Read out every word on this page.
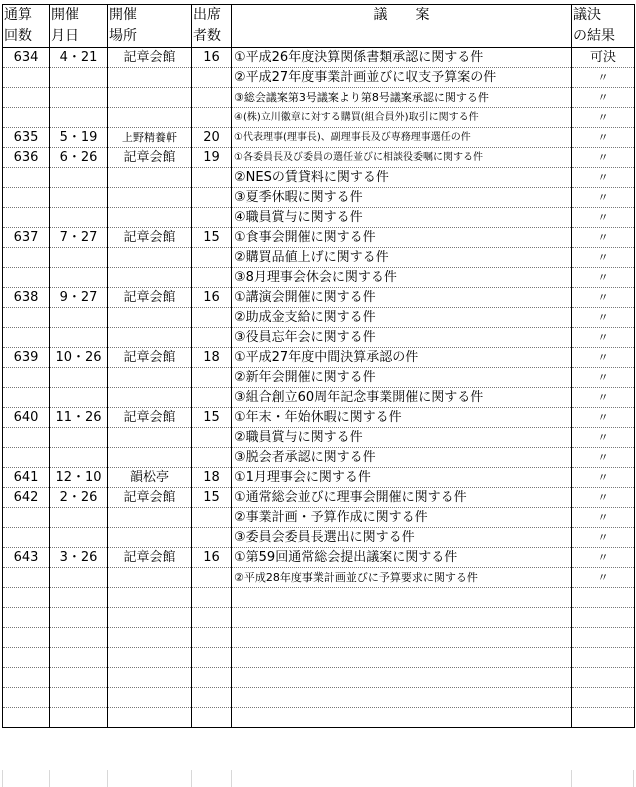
通算	開催	開催	出席	議　　案	議決
回数	月日	場所	者数		の結果
634	4・21	記章会館	16	①平成26年度決算関係書類承認に関する件	可決
				②平成27年度事業計画並びに収支予算案の件	〃
				③総会議案第3号議案より第8号議案承認に関する件	〃
				④(株)立川徽章に対する購買(組合員外)取引に関する件	〃
635	5・19	上野精養軒	20	①代表理事(理事長)、副理事長及び専務理事選任の件	〃
636	6・26	記章会館	19	①各委員長及び委員の選任並びに相談役委嘱に関する件	〃
				②NESの賃貸料に関する件	〃
				③夏季休暇に関する件	〃
				④職員賞与に関する件	〃
637	7・27	記章会館	15	①食事会開催に関する件	〃
				②購買品値上げに関する件	〃
				③8月理事会休会に関する件	〃
638	9・27	記章会館	16	①講演会開催に関する件	〃
				②助成金支給に関する件	〃
				③役員忘年会に関する件	〃
639	10・26	記章会館	18	①平成27年度中間決算承認の件	〃
				②新年会開催に関する件	〃
				③組合創立60周年記念事業開催に関する件	〃
640	11・26	記章会館	15	①年末・年始休暇に関する件	〃
				②職員賞与に関する件	〃
				③脱会者承認に関する件	〃
641	12・10	韻松亭	18	①1月理事会に関する件	〃
642	2・26	記章会館	15	①通常総会並びに理事会開催に関する件	〃
				②事業計画・予算作成に関する件	〃
				③委員会委員長選出に関する件	〃
643	3・26	記章会館	16	①第59回通常総会提出議案に関する件	〃
				②平成28年度事業計画並びに予算要求に関する件	〃
